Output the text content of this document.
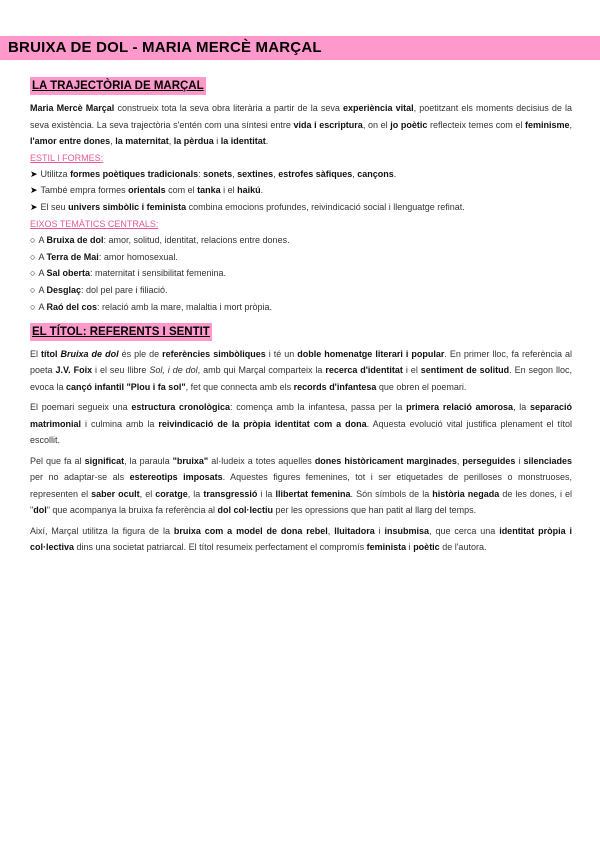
BRUIXA DE DOL - MARIA MERCÈ MARÇAL
LA TRAJECTÒRIA DE MARÇAL

Maria Mercè Marçal construeix tota la seva obra literària a partir de la seva experiència vital, poetitzant els moments decisius de la seva existència. La seva trajectòria s'entén com una síntesi entre vida i escriptura, on el jo poètic reflecteix temes com el feminisme, l'amor entre dones, la maternitat, la pèrdua i la identitat.

ESTIL I FORMES:
➤ Utilitza formes poètiques tradicionals: sonets, sextines, estrofes sàfiques, cançons.
➤ També empra formes orientals com el tanka i el haikú.
➤ El seu univers simbòlic i feminista combina emocions profundes, reivindicació social i llenguatge refinat.
EIXOS TEMÀTICS CENTRALS:
○ A Bruixa de dol: amor, solitud, identitat, relacions entre dones.
○ A Terra de Mai: amor homosexual.
○ A Sal oberta: maternitat i sensibilitat femenina.
○ A Desglaç: dol pel pare i filiació.
○ A Raó del cos: relació amb la mare, malaltia i mort pròpia.
EL TÍTOL: REFERENTS I SENTIT

El títol Bruixa de dol és ple de referències simbòliques i té un doble homenatge literari i popular. En primer lloc, fa referència al poeta J.V. Foix i el seu llibre Sol, i de dol, amb qui Marçal comparteix la recerca d'identitat i el sentiment de solitud. En segon lloc, evoca la cançó infantil "Plou i fa sol", fet que connecta amb els records d'infantesa que obren el poemari.

El poemari segueix una estructura cronològica: comença amb la infantesa, passa per la primera relació amorosa, la separació matrimonial i culmina amb la reivindicació de la pròpia identitat com a dona. Aquesta evolució vital justifica plenament el títol escollit.

Pel que fa al significat, la paraula "bruixa" al·ludeix a totes aquelles dones històricament marginades, perseguides i silenciades per no adaptar-se als estereotips imposats. Aquestes figures femenines, tot i ser etiquetades de perilloses o monstruoses, representen el saber ocult, el coratge, la transgressió i la llibertat femenina. Són símbols de la història negada de les dones, i el "dol" que acompanya la bruixa fa referència al dol col·lectiu per les opressions que han patit al llarg del temps.

Així, Marçal utilitza la figura de la bruixa com a model de dona rebel, lluitadora i insubmisa, que cerca una identitat pròpia i col·lectiva dins una societat patriarcal. El títol resumeix perfectament el compromís feminista i poètic de l'autora.
